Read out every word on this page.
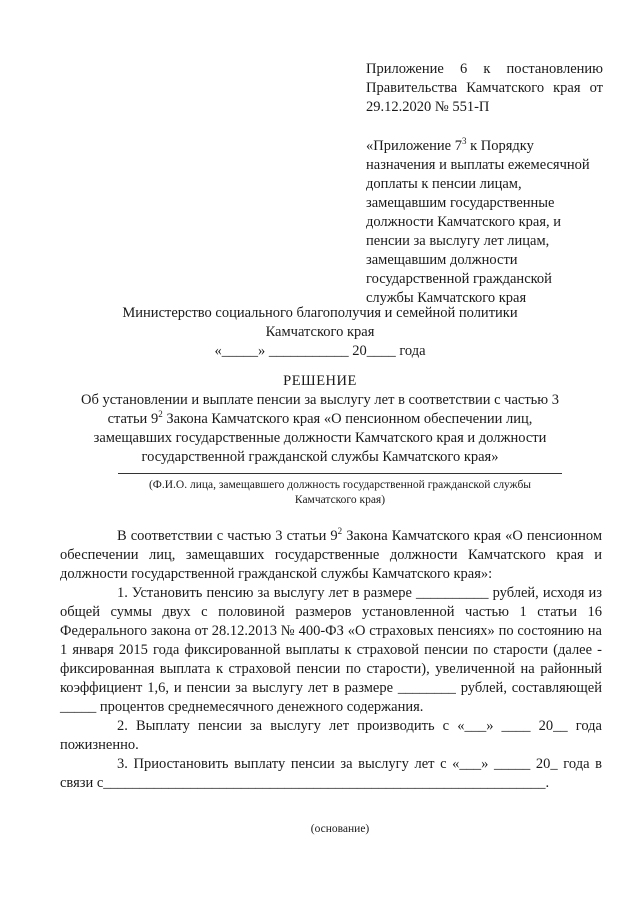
Приложение 6 к постановлению
Правительства Камчатского края от
29.12.2020 № 551-П
«Приложение $7^3$ к Порядку назначения и выплаты ежемесячной доплаты к пенсии лицам, замещавшим государственные должности Камчатского края, и пенсии за выслугу лет лицам, замещавшим должности государственной гражданской службы Камчатского края
Министерство социального благополучия и семейной политики
Камчатского края
«_____» ___________ 20____ года
РЕШЕНИЕ
Об установлении и выплате пенсии за выслугу лет в соответствии с частью 3
статьи $9^2$ Закона Камчатского края «О пенсионном обеспечении лиц,
замещавших государственные должности Камчатского края и должности
государственной гражданской службы Камчатского края»
(Ф.И.О. лица, замещавшего должность государственной гражданской службы
Камчатского края)

В соответствии с частью 3 статьи $9^2$ Закона Камчатского края «О пенсионном обеспечении лиц, замещавших государственные должности Камчатского края и должности государственной гражданской службы Камчатского края»:

1. Установить пенсию за выслугу лет в размере __________ рублей, исходя из общей суммы двух с половиной размеров установленной частью 1 статьи 16 Федерального закона от 28.12.2013 № 400-ФЗ «О страховых пенсиях» по состоянию на 1 января 2015 года фиксированной выплаты к страховой пенсии по старости (далее - фиксированная выплата к страховой пенсии по старости), увеличенной на районный коэффициент 1,6, и пенсии за выслугу лет в размере ________ рублей, составляющей _____ процентов среднемесячного денежного содержания.

2. Выплату пенсии за выслугу лет производить с «___» ____ 20__ года пожизненно.

3. Приостановить выплату пенсии за выслугу лет с «___» _____ 20_ года в связи с_____________________________________________________________.

(основание)
